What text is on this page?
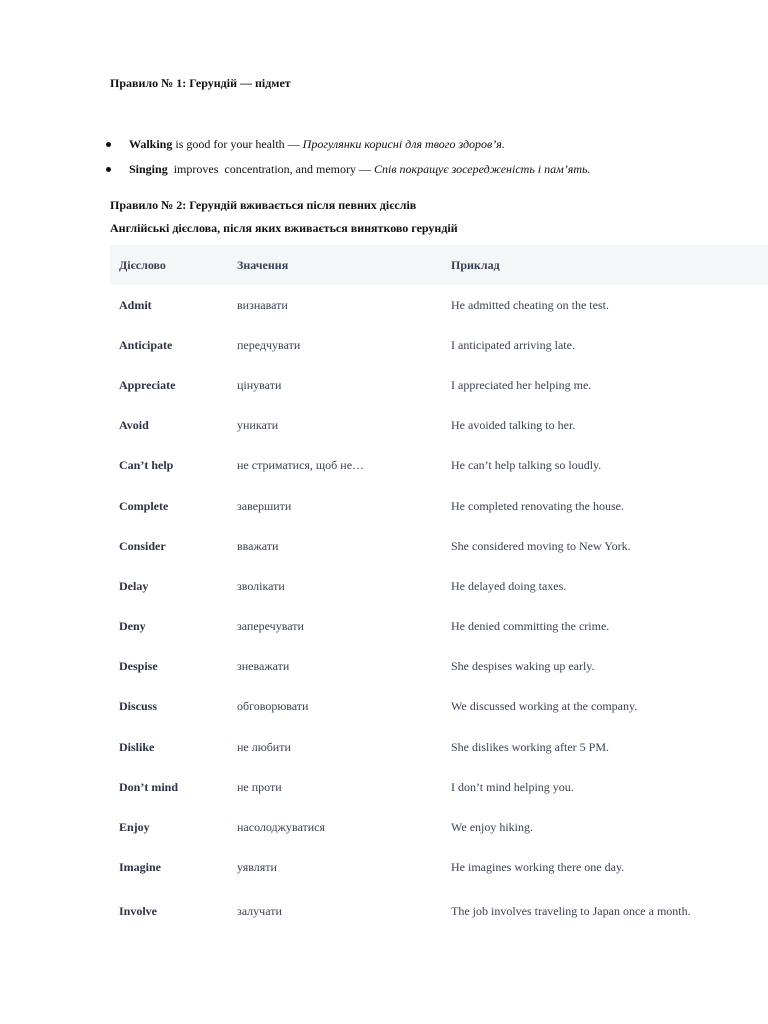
Правило № 1: Герундій — підмет

Walking is good for your health — Прогулянки корисні для твого здоров’я.

Singing  improves  concentration, and memory — Спів покращує зосередженість і пам’ять.

Правило № 2: Герундій вживається після певних дієслів
Англійські дієслова, після яких вживається винятково герундій
Дієслово	Значення	Приклад
Admit	визнавати	He admitted cheating on the test.
Anticipate	передчувати	I anticipated arriving late.
Appreciate	цінувати	I appreciated her helping me.
Avoid	уникати	He avoided talking to her.
Can’t help	не стриматися, щоб не…	He can’t help talking so loudly.
Complete	завершити	He completed renovating the house.
Consider	вважати	She considered moving to New York.
Delay	зволікати	He delayed doing taxes.
Deny	заперечувати	He denied committing the crime.
Despise	зневажати	She despises waking up early.
Discuss	обговорювати	We discussed working at the company.
Dislike	не любити	She dislikes working after 5 PM.
Don’t mind	не проти	I don’t mind helping you.
Enjoy	насолоджуватися	We enjoy hiking.
Imagine	уявляти	He imagines working there one day.
Involve	залучати	The job involves traveling to Japan once a month.
